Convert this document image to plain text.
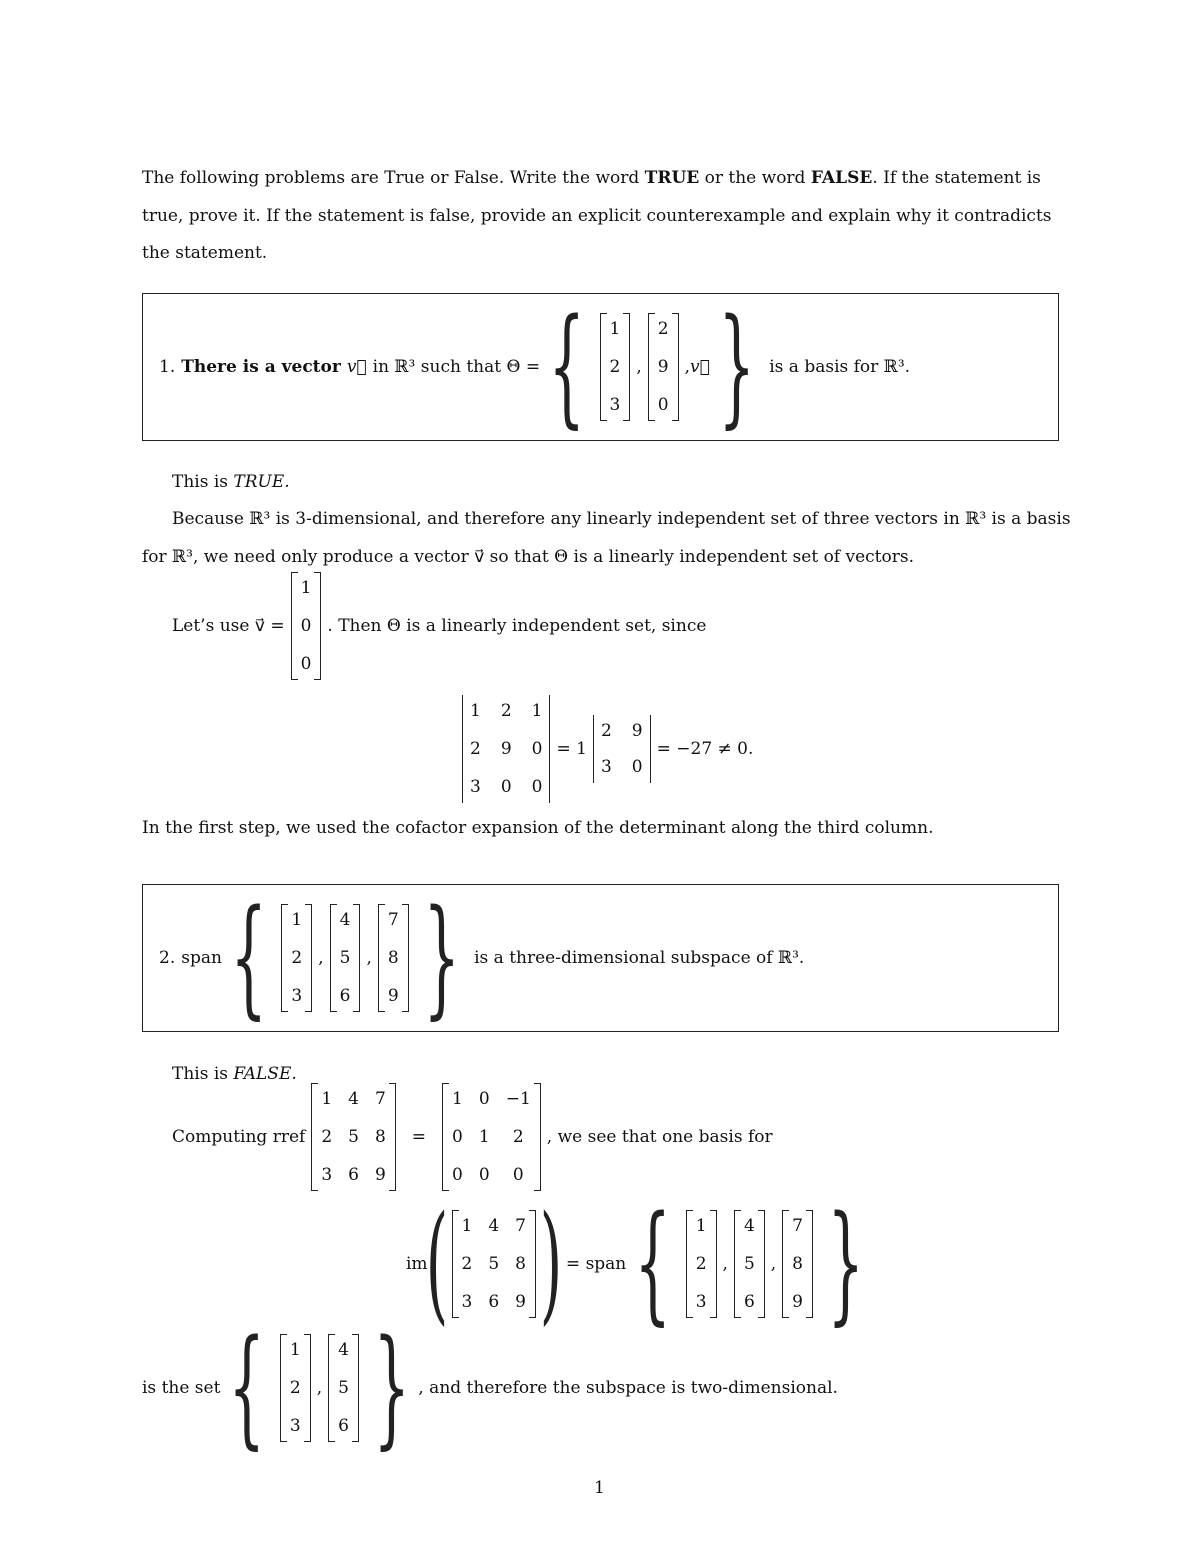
The following problems are True or False. Write the word TRUE or the word FALSE. If the statement is
true, prove it. If the statement is false, provide an explicit counterexample and explain why it contradicts
the statement.
1. There is a vector v⃗ in ℝ³ such that Θ = { 1
2
3
,
2
9
0
, v⃗ } is a basis for ℝ³.
This is TRUE.
Because ℝ³ is 3-dimensional, and therefore any linearly independent set of three vectors in ℝ³ is a basis
for ℝ³, we need only produce a vector v⃗ so that Θ is a linearly independent set of vectors.
Let’s use v⃗ =
1
0
0
. Then Θ is a linearly independent set, since
1 2 1
2 9 0
3 0 0
= 1
2 9
3 0
= −27 ≠ 0.
In the first step, we used the cofactor expansion of the determinant along the third column.
2. span { 1
2
3
,
4
5
6
,
7
8
9 } is a three-dimensional subspace of ℝ³.
This is FALSE.
Computing rref
1 4 7
2 5 8
3 6 9
=
1 0 −1
0 1	2
0 0	0
, we see that one basis for
im
( 1 4 7
2 5 8
3 6 9 ) = span { 1
2
3
,
4
5
6
,
7
8
9 }
is the set { 1
2
3
,
4
5
6 } , and therefore the subspace is two-dimensional.
1
